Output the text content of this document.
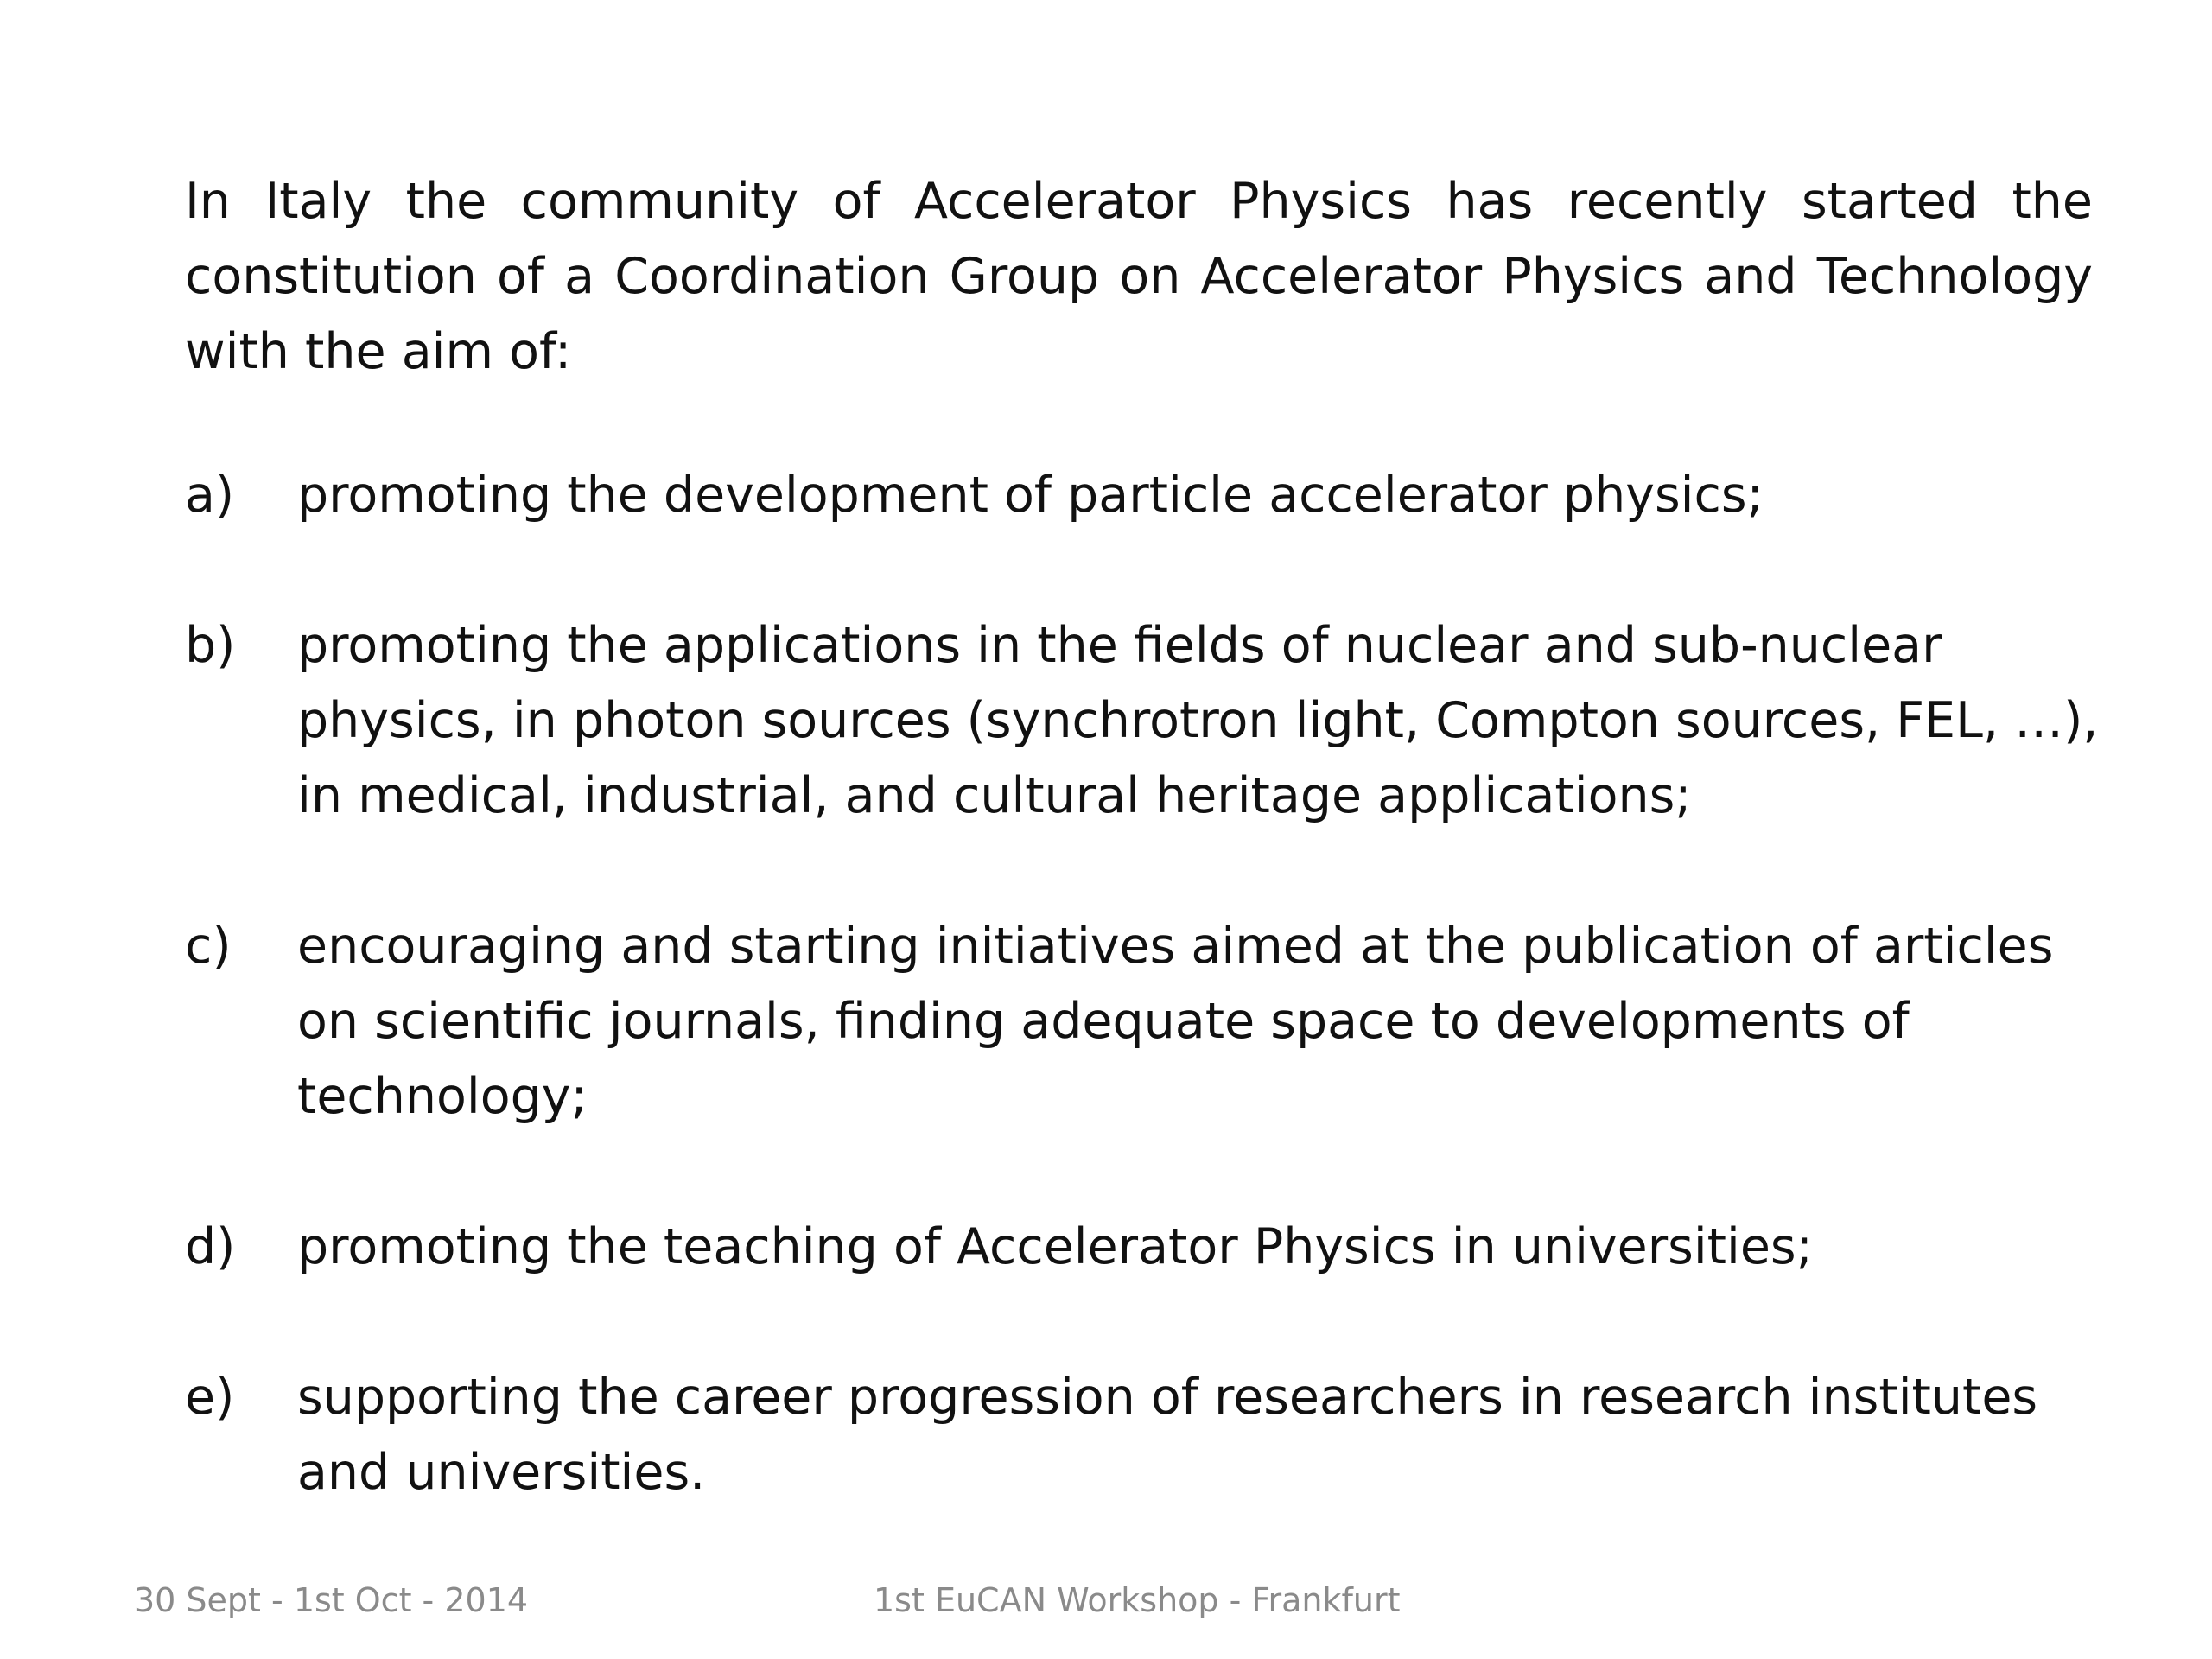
In Italy the community of Accelerator Physics has recently started the constitution of a Coordination Group on Accelerator Physics and Technology with the aim of:

a) promoting the development of particle accelerator physics;
b) promoting the applications in the fields of nuclear and sub-nuclear physics, in photon sources (synchrotron light, Compton sources, FEL, …), in medical, industrial, and cultural heritage applications;
c) encouraging and starting initiatives aimed at the publication of articles on scientific journals, finding adequate space to developments of technology;
d) promoting the teaching of Accelerator Physics in universities;
e) supporting the career progression of researchers in research institutes and universities.
30 Sept - 1st Oct - 2014	1st EuCAN Workshop - Frankfurt
